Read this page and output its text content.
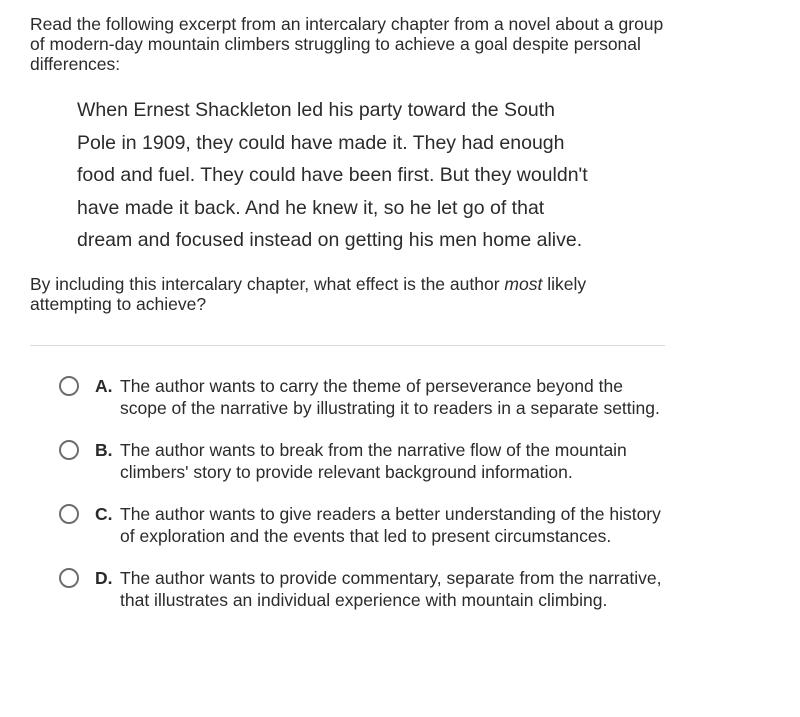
Read the following excerpt from an intercalary chapter from a novel about a group of modern-day mountain climbers struggling to achieve a goal despite personal differences:

When Ernest Shackleton led his party toward the South
Pole in 1909, they could have made it. They had enough
food and fuel. They could have been first. But they wouldn't
have made it back. And he knew it, so he let go of that
dream and focused instead on getting his men home alive.

By including this intercalary chapter, what effect is the author most likely attempting to achieve?

A. The author wants to carry the theme of perseverance beyond the scope of the narrative by illustrating it to readers in a separate setting.
B. The author wants to break from the narrative flow of the mountain climbers' story to provide relevant background information.
C. The author wants to give readers a better understanding of the history of exploration and the events that led to present circumstances.
D. The author wants to provide commentary, separate from the narrative, that illustrates an individual experience with mountain climbing.
